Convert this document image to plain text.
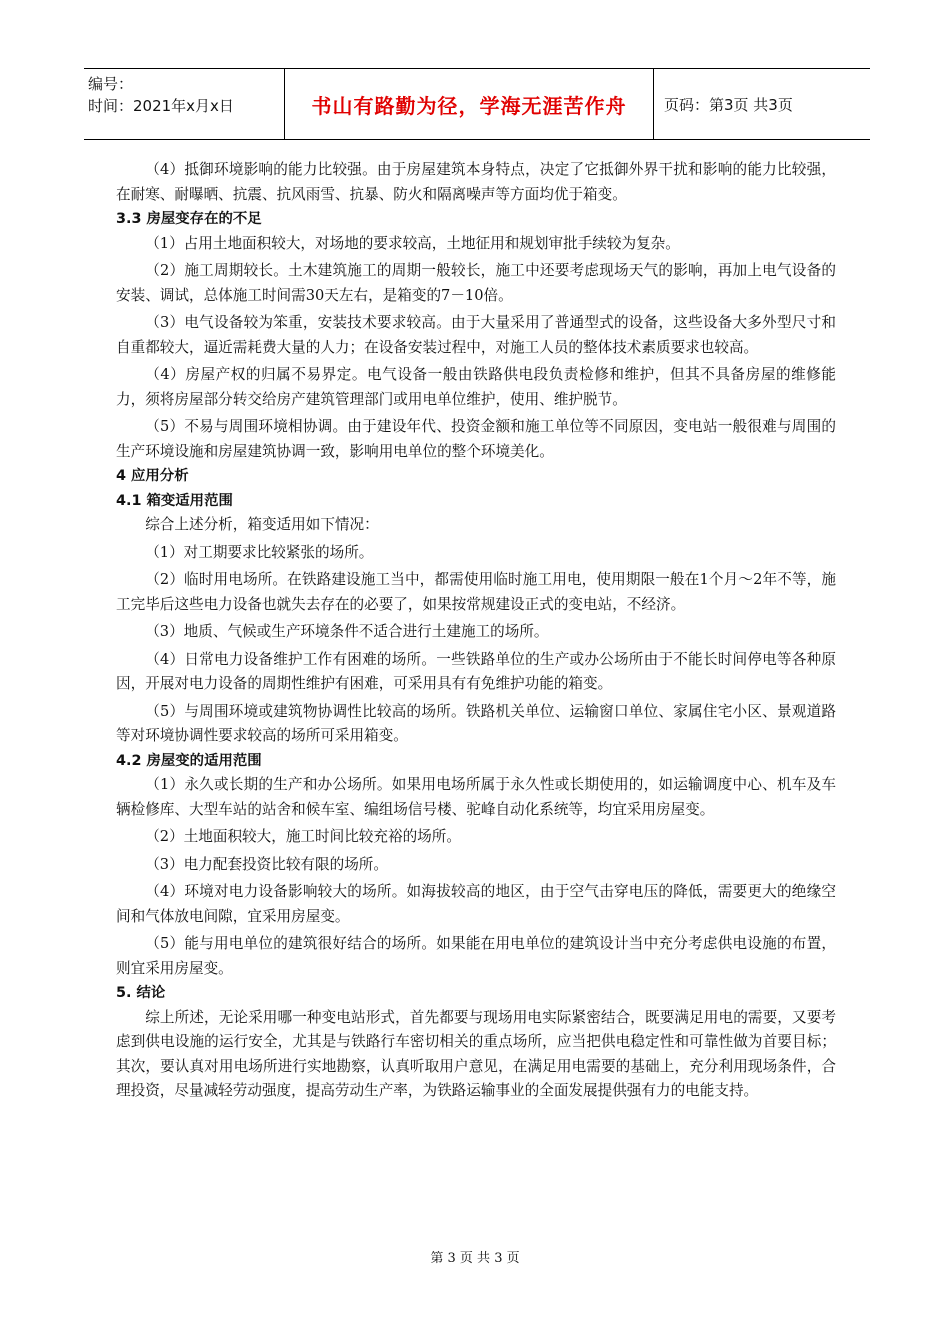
编号：
时间：2021年x月x日	书山有路勤为径，学海无涯苦作舟	页码：第3页 共3页

（4）抵御环境影响的能力比较强。由于房屋建筑本身特点，决定了它抵御外界干扰和影响的能力比较强，在耐寒、耐曝晒、抗震、抗风雨雪、抗暴、防火和隔离噪声等方面均优于箱变。

3.3 房屋变存在的不足

（1）占用土地面积较大，对场地的要求较高，土地征用和规划审批手续较为复杂。

（2）施工周期较长。土木建筑施工的周期一般较长，施工中还要考虑现场天气的影响，再加上电气设备的安装、调试，总体施工时间需30天左右，是箱变的7－10倍。

（3）电气设备较为笨重，安装技术要求较高。由于大量采用了普通型式的设备，这些设备大多外型尺寸和自重都较大，逼近需耗费大量的人力；在设备安装过程中，对施工人员的整体技术素质要求也较高。

（4）房屋产权的归属不易界定。电气设备一般由铁路供电段负责检修和维护，但其不具备房屋的维修能力，须将房屋部分转交给房产建筑管理部门或用电单位维护，使用、维护脱节。

（5）不易与周围环境相协调。由于建设年代、投资金额和施工单位等不同原因，变电站一般很难与周围的生产环境设施和房屋建筑协调一致，影响用电单位的整个环境美化。

4 应用分析

4.1 箱变适用范围

综合上述分析，箱变适用如下情况：

（1）对工期要求比较紧张的场所。

（2）临时用电场所。在铁路建设施工当中，都需使用临时施工用电，使用期限一般在1个月～2年不等，施工完毕后这些电力设备也就失去存在的必要了，如果按常规建设正式的变电站，不经济。

（3）地质、气候或生产环境条件不适合进行土建施工的场所。

（4）日常电力设备维护工作有困难的场所。一些铁路单位的生产或办公场所由于不能长时间停电等各种原因，开展对电力设备的周期性维护有困难，可采用具有有免维护功能的箱变。

（5）与周围环境或建筑物协调性比较高的场所。铁路机关单位、运输窗口单位、家属住宅小区、景观道路等对环境协调性要求较高的场所可采用箱变。

4.2 房屋变的适用范围

（1）永久或长期的生产和办公场所。如果用电场所属于永久性或长期使用的，如运输调度中心、机车及车辆检修库、大型车站的站舍和候车室、编组场信号楼、驼峰自动化系统等，均宜采用房屋变。

（2）土地面积较大，施工时间比较充裕的场所。

（3）电力配套投资比较有限的场所。

（4）环境对电力设备影响较大的场所。如海拔较高的地区，由于空气击穿电压的降低，需要更大的绝缘空间和气体放电间隙，宜采用房屋变。

（5）能与用电单位的建筑很好结合的场所。如果能在用电单位的建筑设计当中充分考虑供电设施的布置，则宜采用房屋变。

5. 结论

综上所述，无论采用哪一种变电站形式，首先都要与现场用电实际紧密结合，既要满足用电的需要，又要考虑到供电设施的运行安全，尤其是与铁路行车密切相关的重点场所，应当把供电稳定性和可靠性做为首要目标；其次，要认真对用电场所进行实地勘察，认真听取用户意见，在满足用电需要的基础上，充分利用现场条件，合理投资，尽量减轻劳动强度，提高劳动生产率，为铁路运输事业的全面发展提供强有力的电能支持。

第 3 页 共 3 页
